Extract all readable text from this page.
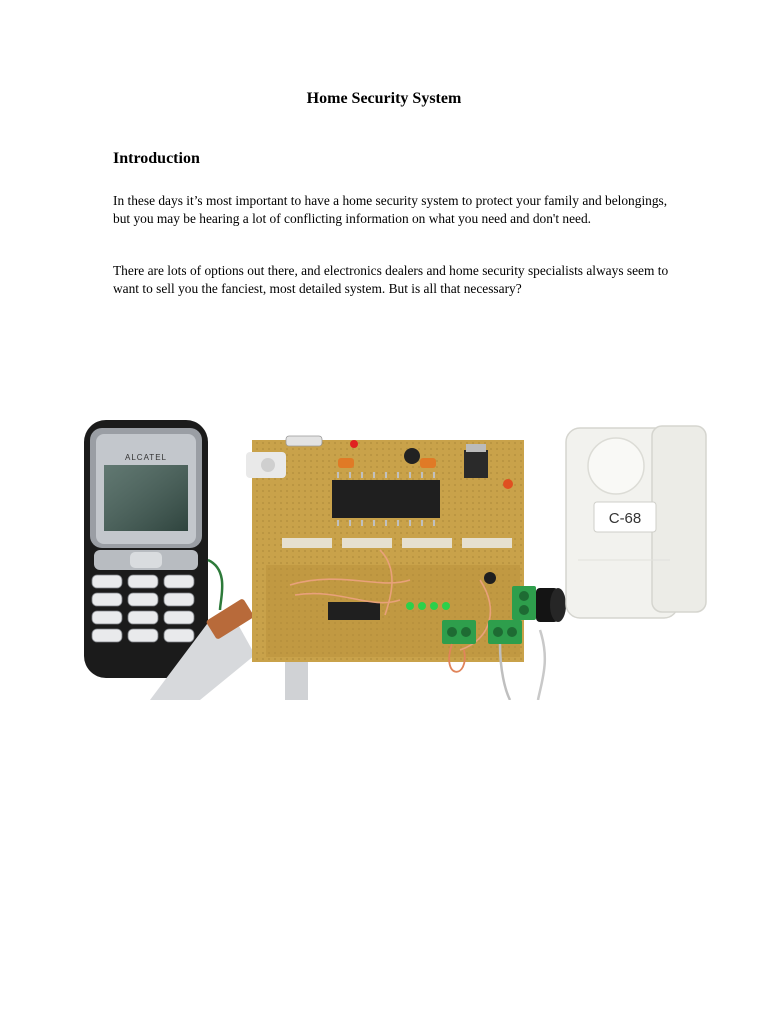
Home Security System
Introduction

In these days it’s most important to have a home security system to protect your family and belongings, but you may be hearing a lot of conflicting information on what you need and don't need.

There are lots of options out there, and electronics dealers and home security specialists always seem to want to sell you the fanciest, most detailed system. But is all that necessary?

ALCATEL
C-68
